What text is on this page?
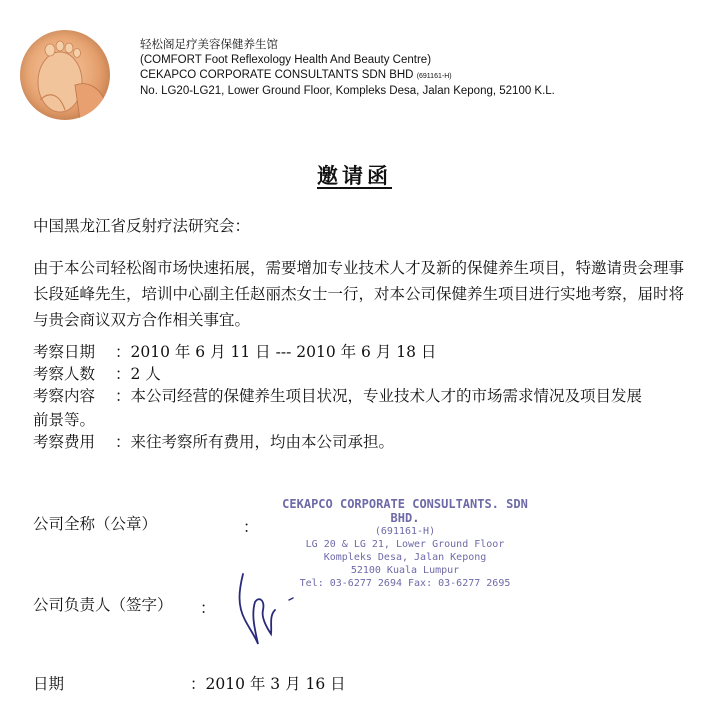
轻松阁足疗美容保健养生馆
(COMFORT Foot Reflexology Health And Beauty Centre)
CEKAPCO CORPORATE CONSULTANTS SDN BHD (691161-H)
No. LG20-LG21, Lower Ground Floor, Kompleks Desa, Jalan Kepong, 52100 K.L.
邀请函
中国黑龙江省反射疗法研究会：
由于本公司轻松阁市场快速拓展，需要增加专业技术人才及新的保健养生项目，特邀请贵会理事长段延峰先生，培训中心副主任赵丽杰女士一行，对本公司保健养生项目进行实地考察，届时将与贵会商议双方合作相关事宜。
考察日期 ：2010 年 6 月 11 日 --- 2010 年 6 月 18 日
考察人数 ：2 人
考察内容 ：本公司经营的保健养生项目状况，专业技术人才的市场需求情况及项目发展
前景等。
考察费用 ：来往考察所有费用，均由本公司承担。
公司全称（公章）	：
CEKAPCO CORPORATE CONSULTANTS. SDN BHD.
(691161-H)
LG 20 & LG 21, Lower Ground Floor
Kompleks Desa, Jalan Kepong
52100 Kuala Lumpur
Tel: 03-6277 2694 Fax: 03-6277 2695
公司负责人（签字） ：
日期	：2010 年 3 月 16 日
